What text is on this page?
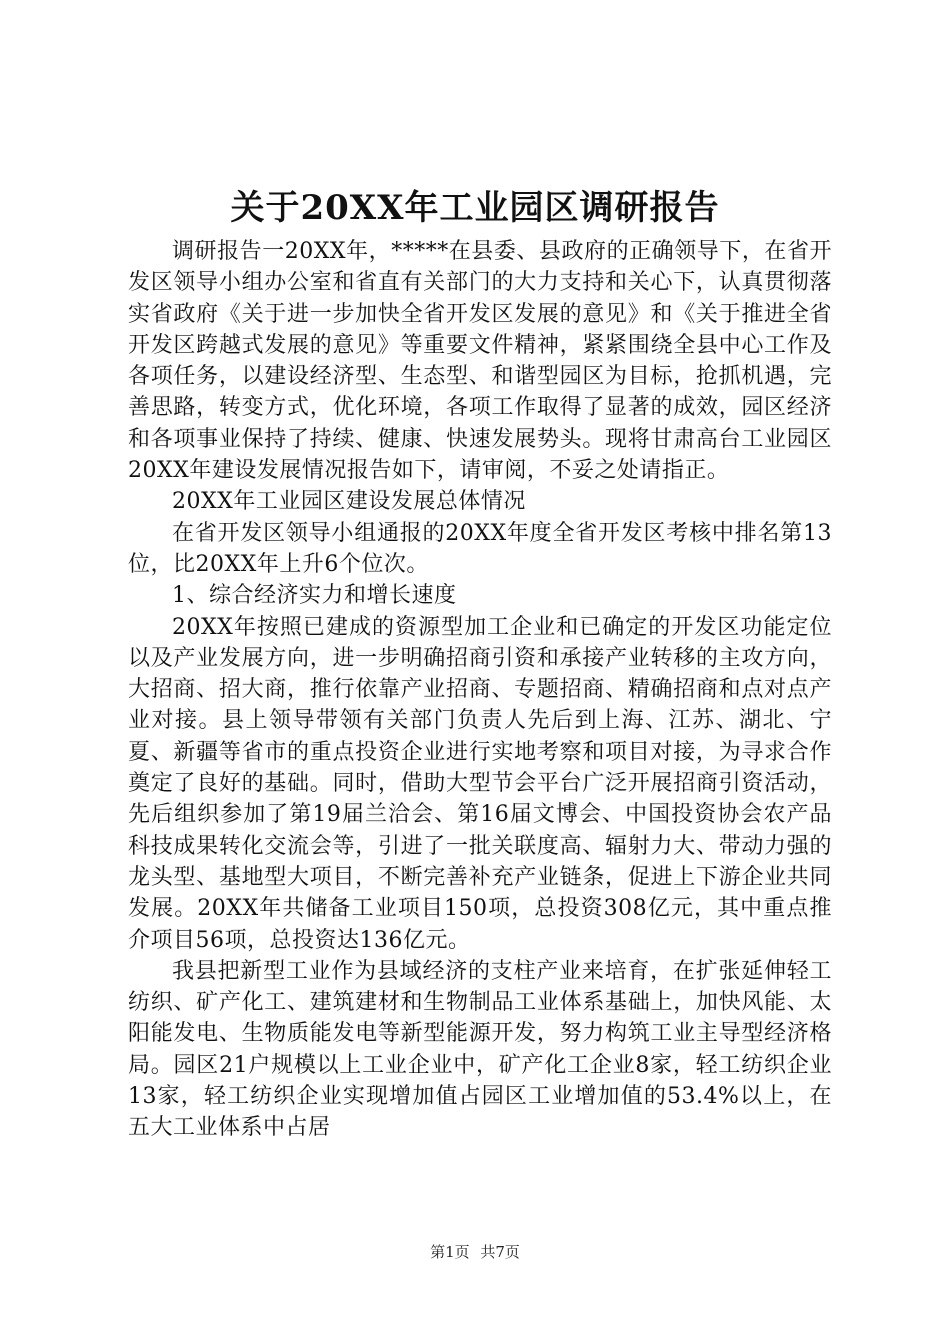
关于20XX年工业园区调研报告

调研报告一20XX年，*****在县委、县政府的正确领导下，在省开发区领导小组办公室和省直有关部门的大力支持和关心下，认真贯彻落实省政府《关于进一步加快全省开发区发展的意见》和《关于推进全省开发区跨越式发展的意见》等重要文件精神，紧紧围绕全县中心工作及各项任务，以建设经济型、生态型、和谐型园区为目标，抢抓机遇，完善思路，转变方式，优化环境，各项工作取得了显著的成效，园区经济和各项事业保持了持续、健康、快速发展势头。现将甘肃高台工业园区20XX年建设发展情况报告如下，请审阅，不妥之处请指正。

20XX年工业园区建设发展总体情况

在省开发区领导小组通报的20XX年度全省开发区考核中排名第13位，比20XX年上升6个位次。

1、综合经济实力和增长速度

20XX年按照已建成的资源型加工企业和已确定的开发区功能定位以及产业发展方向，进一步明确招商引资和承接产业转移的主攻方向，大招商、招大商，推行依靠产业招商、专题招商、精确招商和点对点产业对接。县上领导带领有关部门负责人先后到上海、江苏、湖北、宁夏、新疆等省市的重点投资企业进行实地考察和项目对接，为寻求合作奠定了良好的基础。同时，借助大型节会平台广泛开展招商引资活动，先后组织参加了第19届兰洽会、第16届文博会、中国投资协会农产品科技成果转化交流会等，引进了一批关联度高、辐射力大、带动力强的龙头型、基地型大项目，不断完善补充产业链条，促进上下游企业共同发展。20XX年共储备工业项目150项，总投资308亿元，其中重点推介项目56项，总投资达136亿元。

我县把新型工业作为县域经济的支柱产业来培育，在扩张延伸轻工纺织、矿产化工、建筑建材和生物制品工业体系基础上，加快风能、太阳能发电、生物质能发电等新型能源开发，努力构筑工业主导型经济格局。园区21户规模以上工业企业中，矿产化工企业8家，轻工纺织企业13家，轻工纺织企业实现增加值占园区工业增加值的53.4%以上，在五大工业体系中占居

第1页 共7页
